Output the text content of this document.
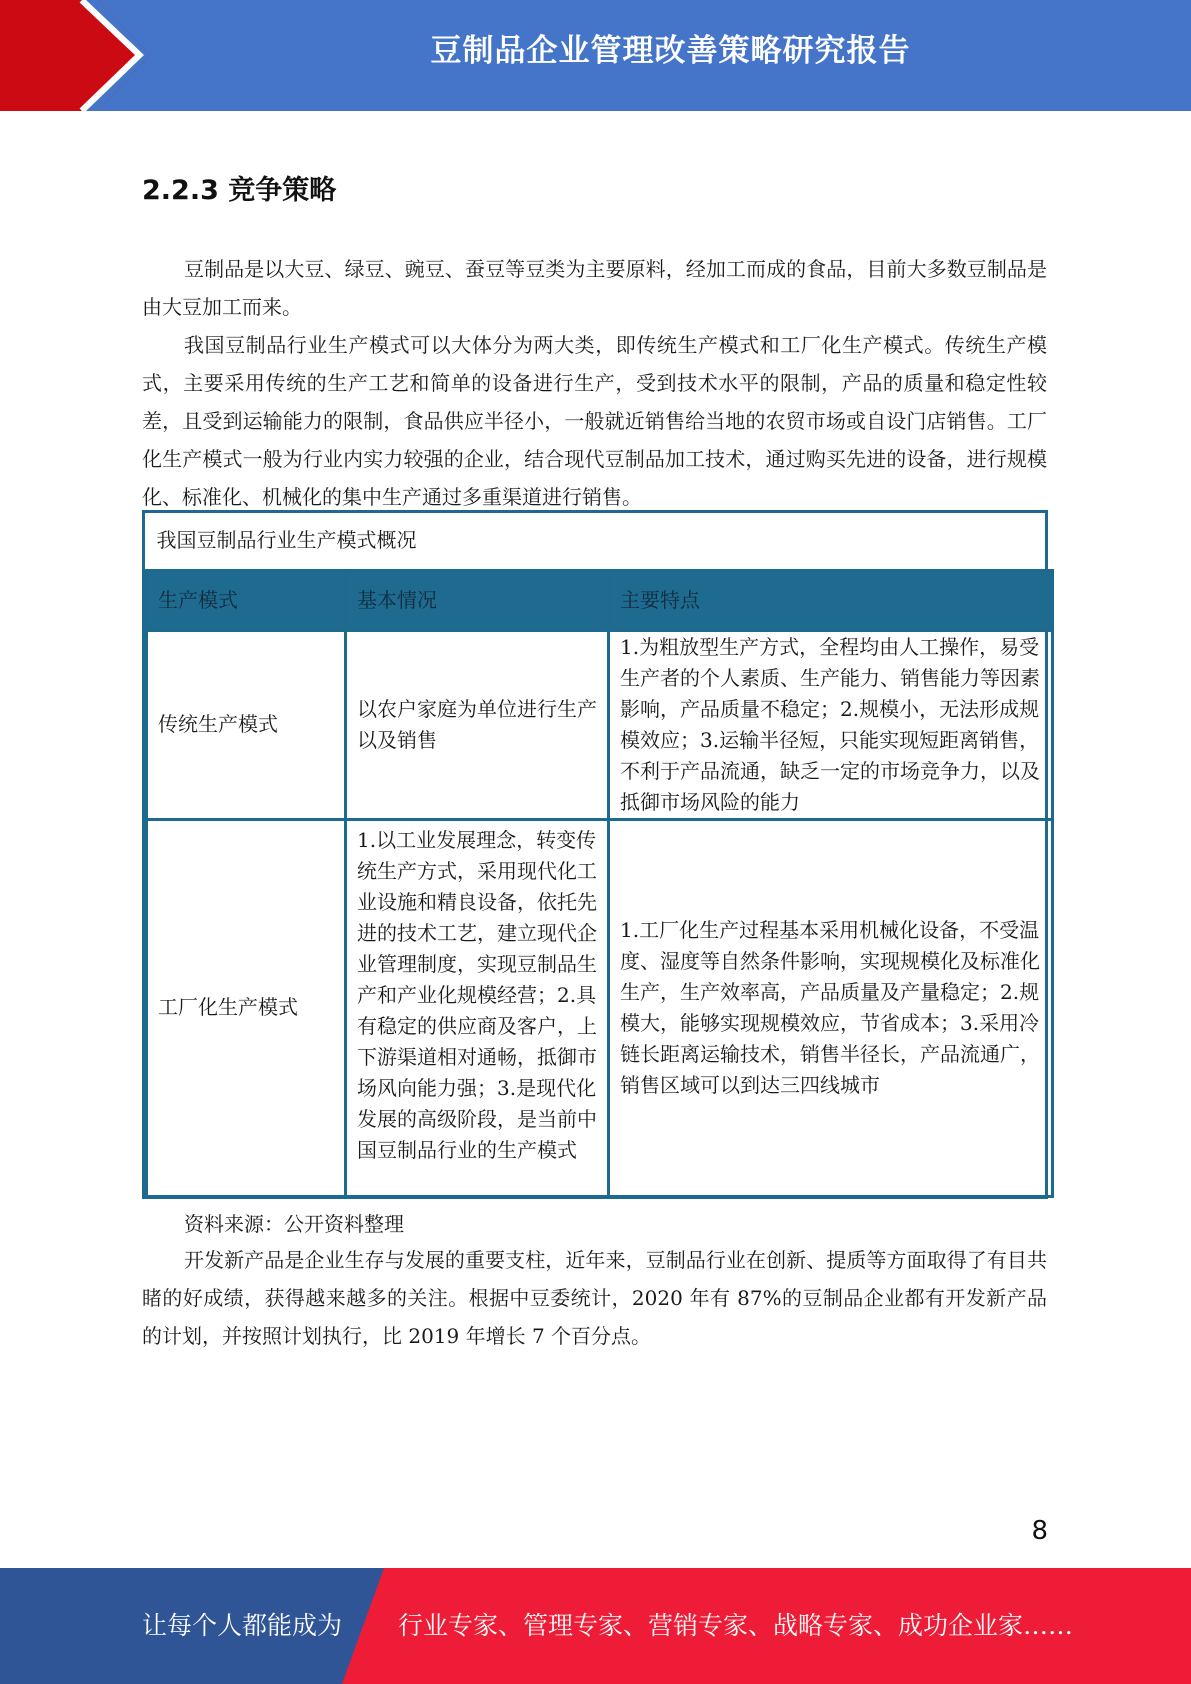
豆制品企业管理改善策略研究报告
2.2.3 竞争策略

豆制品是以大豆、绿豆、豌豆、蚕豆等豆类为主要原料，经加工而成的食品，目前大多数豆制品是由大豆加工而来。

我国豆制品行业生产模式可以大体分为两大类，即传统生产模式和工厂化生产模式。传统生产模式，主要采用传统的生产工艺和简单的设备进行生产，受到技术水平的限制，产品的质量和稳定性较差，且受到运输能力的限制，食品供应半径小，一般就近销售给当地的农贸市场或自设门店销售。工厂化生产模式一般为行业内实力较强的企业，结合现代豆制品加工技术，通过购买先进的设备，进行规模化、标准化、机械化的集中生产通过多重渠道进行销售。

我国豆制品行业生产模式概况		
生产模式	基本情况	主要特点
传统生产模式	以农户家庭为单位进行生产以及销售	1.为粗放型生产方式，全程均由人工操作，易受生产者的个人素质、生产能力、销售能力等因素影响，产品质量不稳定；2.规模小，无法形成规模效应；3.运输半径短，只能实现短距离销售，不利于产品流通，缺乏一定的市场竞争力，以及抵御市场风险的能力
工厂化生产模式	1.以工业发展理念，转变传统生产方式，采用现代化工业设施和精良设备，依托先进的技术工艺，建立现代企业管理制度，实现豆制品生产和产业化规模经营；2.具有稳定的供应商及客户，上下游渠道相对通畅，抵御市场风向能力强；3.是现代化发展的高级阶段，是当前中国豆制品行业的生产模式	1.工厂化生产过程基本采用机械化设备，不受温度、湿度等自然条件影响，实现规模化及标准化生产，生产效率高，产品质量及产量稳定；2.规模大，能够实现规模效应，节省成本；3.采用冷链长距离运输技术，销售半径长，产品流通广，销售区域可以到达三四线城市

资料来源：公开资料整理

开发新产品是企业生存与发展的重要支柱，近年来，豆制品行业在创新、提质等方面取得了有目共睹的好成绩，获得越来越多的关注。根据中豆委统计，2020 年有 87%的豆制品企业都有开发新产品的计划，并按照计划执行，比 2019 年增长 7 个百分点。

8
让每个人都能成为 行业专家、管理专家、营销专家、战略专家、成功企业家……
